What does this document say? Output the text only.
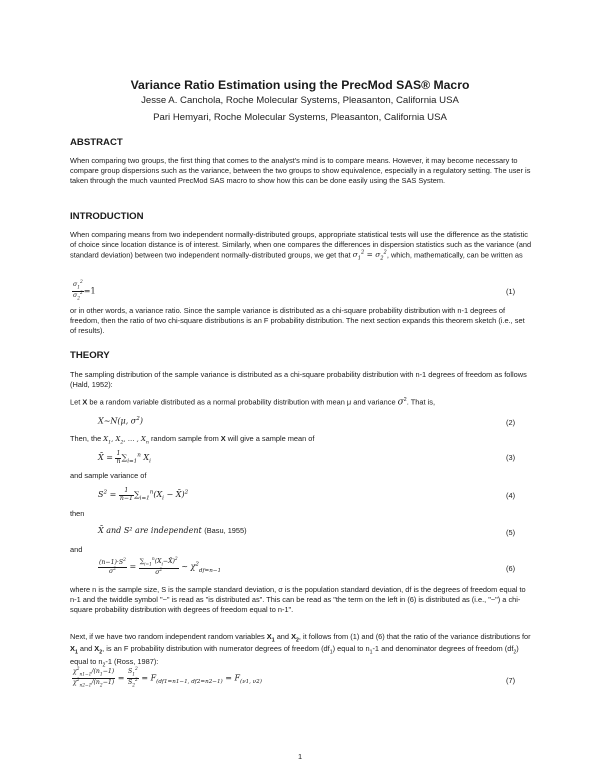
Variance Ratio Estimation using the PrecMod SAS® Macro
Jesse A. Canchola, Roche Molecular Systems, Pleasanton, California USA
Pari Hemyari, Roche Molecular Systems, Pleasanton, California USA
ABSTRACT
When comparing two groups, the first thing that comes to the analyst's mind is to compare means. However, it may become necessary to compare group dispersions such as the variance, between the two groups to show equivalence, especially in a regulatory setting. The user is taken through the much vaunted PrecMod SAS macro to show how this can be done easily using the SAS System.
INTRODUCTION
When comparing means from two independent normally-distributed groups, appropriate statistical tests will use the difference as the statistic of choice since location distance is of interest. Similarly, when one compares the differences in dispersion statistics such as the variance (and standard deviation) between two independent normally-distributed groups, we get that $\sigma_1^2 = \sigma_2^2$, which, mathematically, can be written as
$\frac{\sigma_1^2}{\sigma_2^2} =1$	(1)
or in other words, a variance ratio. Since the sample variance is distributed as a chi-square probability distribution with n-1 degrees of freedom, then the ratio of two chi-square distributions is an F probability distribution. The next section expands this theorem sketch (i.e., set of results).
THEORY
The sampling distribution of the sample variance is distributed as a chi-square probability distribution with n-1 degrees of freedom as follows (Hald, 1952):
Let X be a random variable distributed as a normal probability distribution with mean μ and variance $\sigma^2$. That is,
X~N(μ, $\sigma^2$)	(2)
Then, the $X_1$, $X_2$, … , $X_n$ random sample from X will give a sample mean of
X̄ = $\frac{1}{n} \sum_{i=1}^n$ $X_i$	(3)
and sample variance of
$S^2 = \frac{1}{n-1} \sum_{i=1}^n(X_i$ − X̄)$^2$	(4)
then
X̄ and S² are independent (Basu, 1955)	(5)
and
$\frac{(n-1)\cdot S^2}{\sigma^2} = \frac{\sum_{i=1}^n(X_i-X̄)^2}{\sigma^2}$ ~ $\chi^2_{df=n-1}$	(6)
where n is the sample size, S is the sample standard deviation, σ is the population standard deviation, df is the degrees of freedom equal to n-1 and the twiddle symbol "~" is read as "is distributed as". This can be read as "the term on the left in (6) is distributed as (i.e., "~") a chi-square probability distribution with degrees of freedom equal to n-1".
Next, if we have two random independent random variables $X_1$ and $X_2$, it follows from (1) and (6) that the ratio of the variance distributions for $X_1$ and $X_2$, is an F probability distribution with numerator degrees of freedom $(df_1)$ equal to $n_1-1$ and denominator degrees of freedom $(df_2)$ equal to $n_2-1$ (Ross, 1987):
$\frac{\chi^2_{n1-1}/(n_1-1)}{\chi^2_{n2-1}/(n_2-1)} = \frac{S_1^2}{S_2^2} = F_{(df1=n1-1, df2=n2-1)} = F_{(\nu 1, \nu 2)}$	(7)
1
